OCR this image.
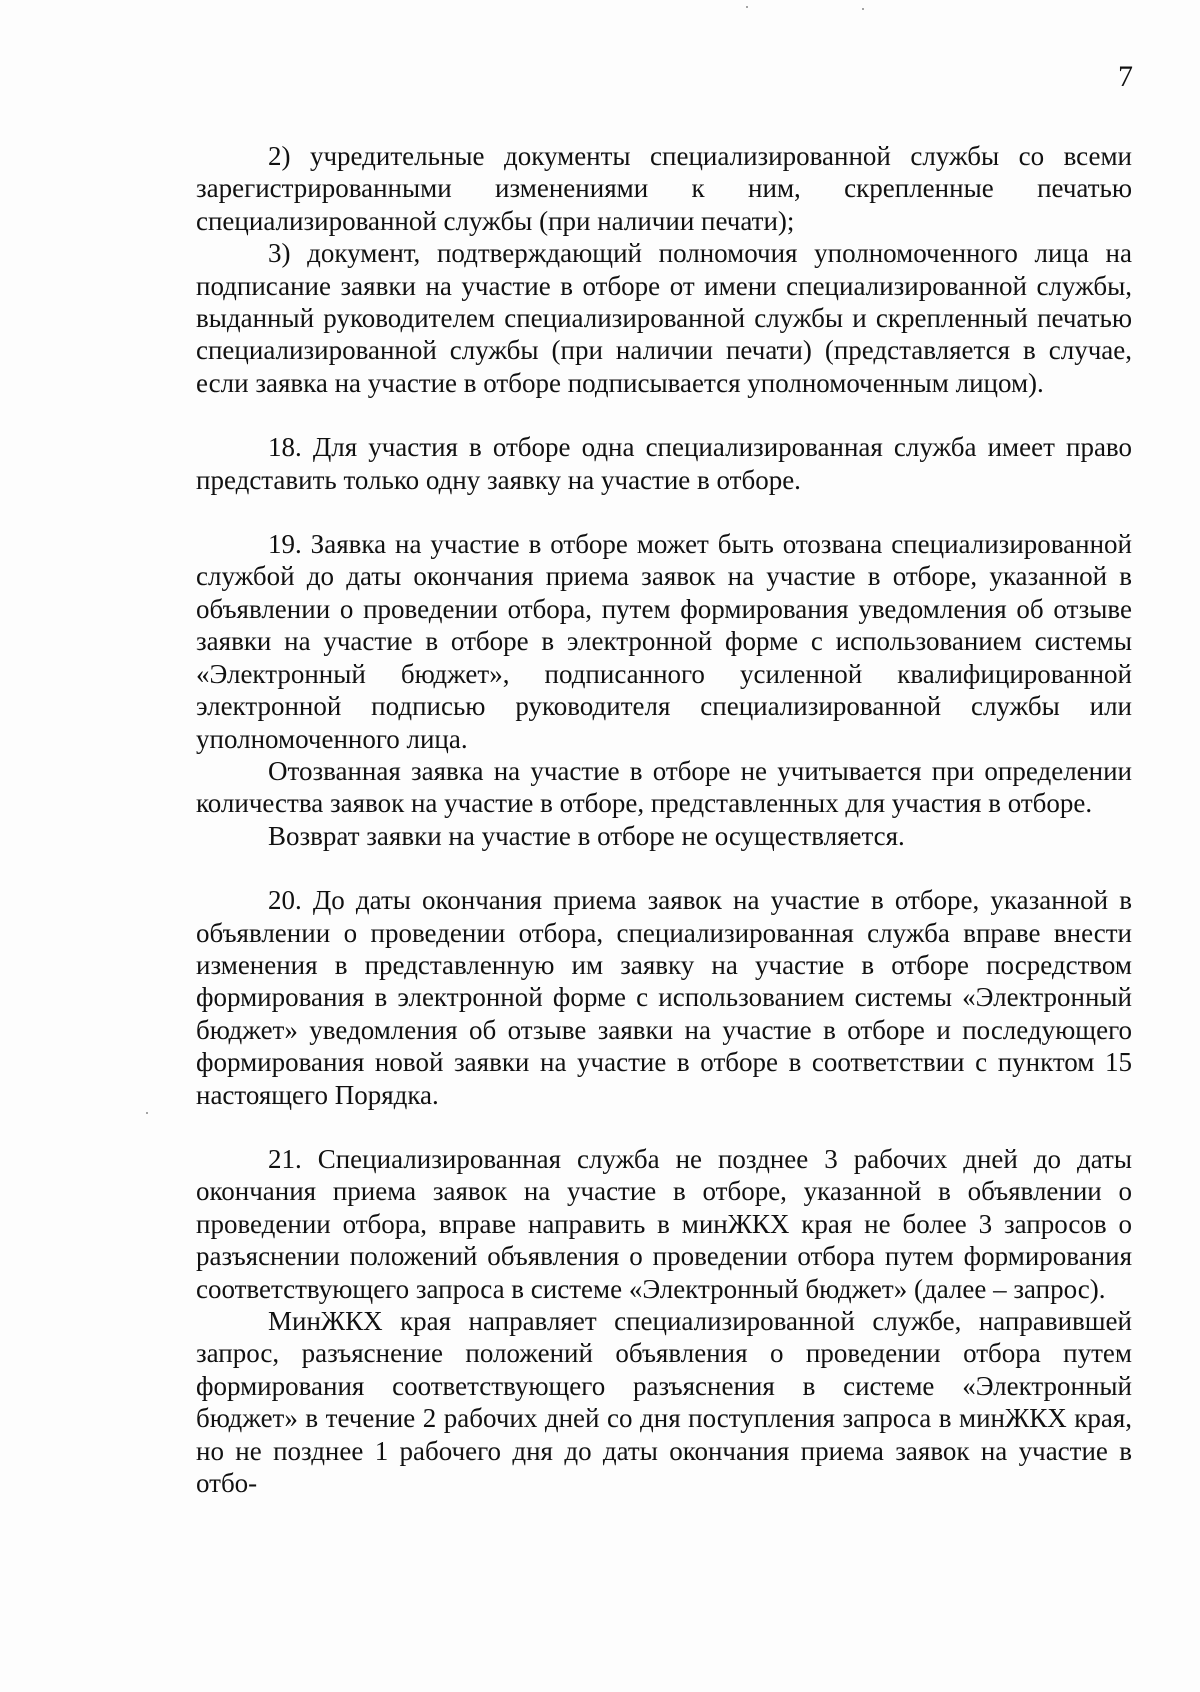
7

2) учредительные документы специализированной службы со всеми зарегистрированными изменениями к ним, скрепленные печатью специализированной службы (при наличии печати);

3) документ, подтверждающий полномочия уполномоченного лица на подписание заявки на участие в отборе от имени специализированной службы, выданный руководителем специализированной службы и скрепленный печатью специализированной службы (при наличии печати) (представляется в случае, если заявка на участие в отборе подписывается уполномоченным лицом).

18. Для участия в отборе одна специализированная служба имеет право представить только одну заявку на участие в отборе.

19. Заявка на участие в отборе может быть отозвана специализированной службой до даты окончания приема заявок на участие в отборе, указанной в объявлении о проведении отбора, путем формирования уведомления об отзыве заявки на участие в отборе в электронной форме с использованием системы «Электронный бюджет», подписанного усиленной квалифицированной электронной подписью руководителя специализированной службы или уполномоченного лица.

Отозванная заявка на участие в отборе не учитывается при определении количества заявок на участие в отборе, представленных для участия в отборе.

Возврат заявки на участие в отборе не осуществляется.

20. До даты окончания приема заявок на участие в отборе, указанной в объявлении о проведении отбора, специализированная служба вправе внести изменения в представленную им заявку на участие в отборе посредством формирования в электронной форме с использованием системы «Электронный бюджет» уведомления об отзыве заявки на участие в отборе и последующего формирования новой заявки на участие в отборе в соответствии с пунктом 15 настоящего Порядка.

21. Специализированная служба не позднее 3 рабочих дней до даты окончания приема заявок на участие в отборе, указанной в объявлении о проведении отбора, вправе направить в минЖКХ края не более 3 запросов о разъяснении положений объявления о проведении отбора путем формирования соответствующего запроса в системе «Электронный бюджет» (далее – запрос).

МинЖКХ края направляет специализированной службе, направившей запрос, разъяснение положений объявления о проведении отбора путем формирования соответствующего разъяснения в системе «Электронный бюджет» в течение 2 рабочих дней со дня поступления запроса в минЖКХ края, но не позднее 1 рабочего дня до даты окончания приема заявок на участие в отбо-
